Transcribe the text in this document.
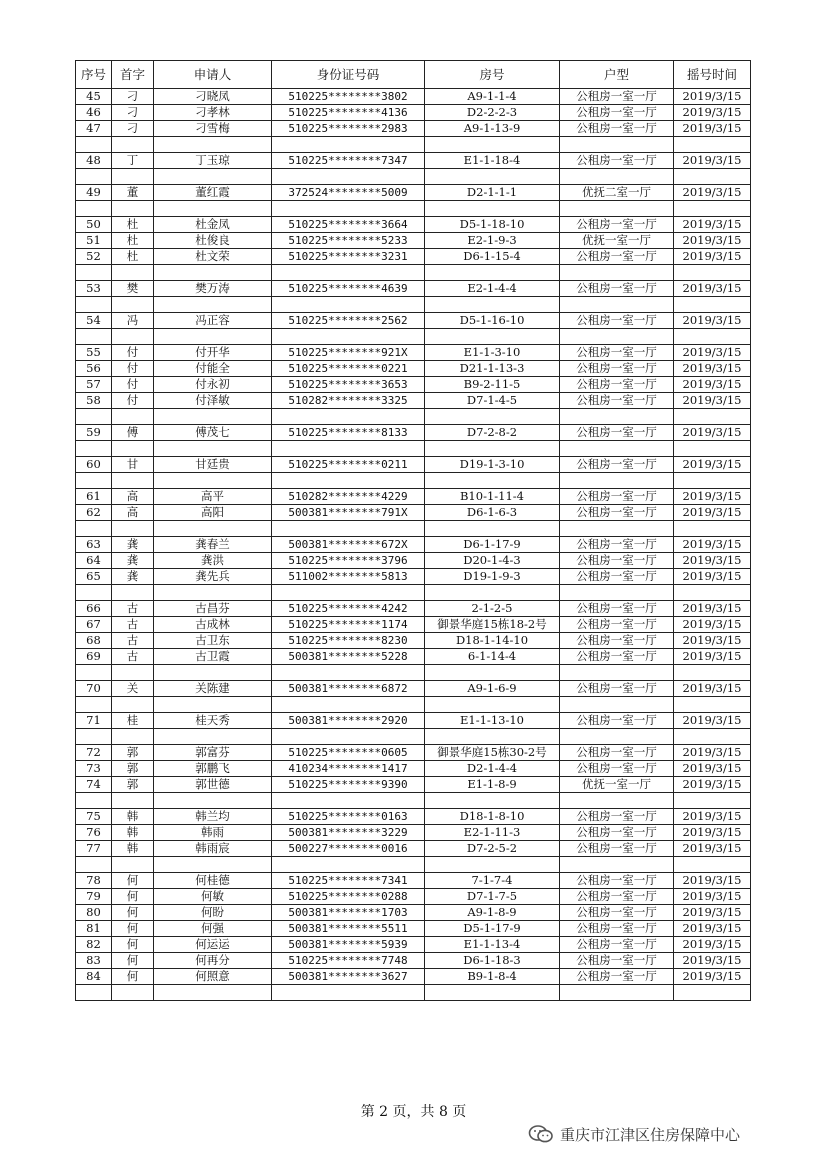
序号	首字	申请人	身份证号码	房号	户型	摇号时间
45	刁	刁晓凤	510225********3802	A9-1-1-4	公租房一室一厅	2019/3/15
46	刁	刁孝林	510225********4136	D2-2-2-3	公租房一室一厅	2019/3/15
47	刁	刁雪梅	510225********2983	A9-1-13-9	公租房一室一厅	2019/3/15

48	丁	丁玉琼	510225********7347	E1-1-18-4	公租房一室一厅	2019/3/15

49	董	董红霞	372524********5009	D2-1-1-1	优抚二室一厅	2019/3/15

50	杜	杜金凤	510225********3664	D5-1-18-10	公租房一室一厅	2019/3/15
51	杜	杜俊良	510225********5233	E2-1-9-3	优抚一室一厅	2019/3/15
52	杜	杜文荣	510225********3231	D6-1-15-4	公租房一室一厅	2019/3/15

53	樊	樊万涛	510225********4639	E2-1-4-4	公租房一室一厅	2019/3/15

54	冯	冯正容	510225********2562	D5-1-16-10	公租房一室一厅	2019/3/15

55	付	付开华	510225********921X	E1-1-3-10	公租房一室一厅	2019/3/15
56	付	付能全	510225********0221	D21-1-13-3	公租房一室一厅	2019/3/15
57	付	付永初	510225********3653	B9-2-11-5	公租房一室一厅	2019/3/15
58	付	付泽敏	510282********3325	D7-1-4-5	公租房一室一厅	2019/3/15

59	傅	傅茂七	510225********8133	D7-2-8-2	公租房一室一厅	2019/3/15

60	甘	甘廷贵	510225********0211	D19-1-3-10	公租房一室一厅	2019/3/15

61	高	高平	510282********4229	B10-1-11-4	公租房一室一厅	2019/3/15
62	高	高阳	500381********791X	D6-1-6-3	公租房一室一厅	2019/3/15

63	龚	龚春兰	500381********672X	D6-1-17-9	公租房一室一厅	2019/3/15
64	龚	龚洪	510225********3796	D20-1-4-3	公租房一室一厅	2019/3/15
65	龚	龚先兵	511002********5813	D19-1-9-3	公租房一室一厅	2019/3/15

66	古	古昌芬	510225********4242	2-1-2-5	公租房一室一厅	2019/3/15
67	古	古成林	510225********1174	御景华庭15栋18-2号	公租房一室一厅	2019/3/15
68	古	古卫东	510225********8230	D18-1-14-10	公租房一室一厅	2019/3/15
69	古	古卫霞	500381********5228	6-1-14-4	公租房一室一厅	2019/3/15

70	关	关陈建	500381********6872	A9-1-6-9	公租房一室一厅	2019/3/15

71	桂	桂天秀	500381********2920	E1-1-13-10	公租房一室一厅	2019/3/15

72	郭	郭富芬	510225********0605	御景华庭15栋30-2号	公租房一室一厅	2019/3/15
73	郭	郭鹏飞	410234********1417	D2-1-4-4	公租房一室一厅	2019/3/15
74	郭	郭世德	510225********9390	E1-1-8-9	优抚一室一厅	2019/3/15

75	韩	韩兰均	510225********0163	D18-1-8-10	公租房一室一厅	2019/3/15
76	韩	韩雨	500381********3229	E2-1-11-3	公租房一室一厅	2019/3/15
77	韩	韩雨宸	500227********0016	D7-2-5-2	公租房一室一厅	2019/3/15

78	何	何桂德	510225********7341	7-1-7-4	公租房一室一厅	2019/3/15
79	何	何敏	510225********0288	D7-1-7-5	公租房一室一厅	2019/3/15
80	何	何盼	500381********1703	A9-1-8-9	公租房一室一厅	2019/3/15
81	何	何强	500381********5511	D5-1-17-9	公租房一室一厅	2019/3/15
82	何	何运运	500381********5939	E1-1-13-4	公租房一室一厅	2019/3/15
83	何	何再分	510225********7748	D6-1-18-3	公租房一室一厅	2019/3/15
84	何	何照意	500381********3627	B9-1-8-4	公租房一室一厅	2019/3/15

第 2 页，共 8 页
重庆市江津区住房保障中心
